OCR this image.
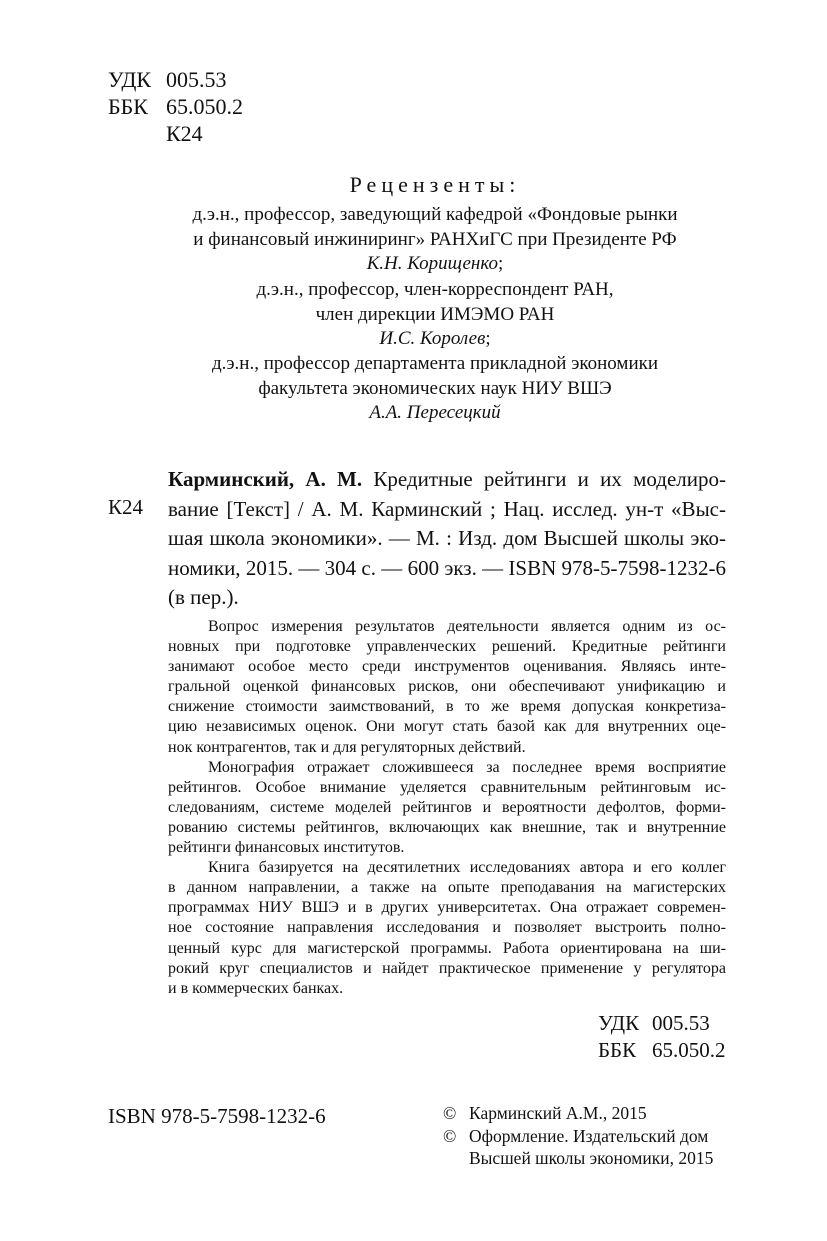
УДК 005.53
ББК 65.050.2
К24
Рецензенты:
д.э.н., профессор, заведующий кафедрой «Фондовые рынки
и финансовый инжиниринг» РАНХиГС при Президенте РФ
К.Н. Корищенко;
д.э.н., профессор, член-корреспондент РАН,
член дирекции ИМЭМО РАН
И.С. Королев;
д.э.н., профессор департамента прикладной экономики
факультета экономических наук НИУ ВШЭ
А.А. Пересецкий
К24
Карминский, А. М. Кредитные рейтинги и их моделиро-
вание [Текст] / А. М. Карминский ; Нац. исслед. ун-т «Выс-
шая школа экономики». — М. : Изд. дом Высшей школы эко-
номики, 2015. — 304 с. — 600 экз. — ISBN 978-5-7598-1232-6
(в пер.).
Вопрос измерения результатов деятельности является одним из ос-
новных при подготовке управленческих решений. Кредитные рейтинги
занимают особое место среди инструментов оценивания. Являясь инте-
гральной оценкой финансовых рисков, они обеспечивают унификацию и
снижение стоимости заимствований, в то же время допуская конкретиза-
цию независимых оценок. Они могут стать базой как для внутренних оце-
нок контрагентов, так и для регуляторных действий.
Монография отражает сложившееся за последнее время восприятие
рейтингов. Особое внимание уделяется сравнительным рейтинговым ис-
следованиям, системе моделей рейтингов и вероятности дефолтов, форми-
рованию системы рейтингов, включающих как внешние, так и внутренние
рейтинги финансовых институтов.
Книга базируется на десятилетних исследованиях автора и его коллег
в данном направлении, а также на опыте преподавания на магистерских
программах НИУ ВШЭ и в других университетах. Она отражает современ-
ное состояние направления исследования и позволяет выстроить полно-
ценный курс для магистерской программы. Работа ориентирована на ши-
рокий круг специалистов и найдет практическое применение у регулятора
и в коммерческих банках.
УДК 005.53
ББК 65.050.2
ISBN 978-5-7598-1232-6	© Карминский А.М., 2015
© Оформление. Издательский дом
Высшей школы экономики, 2015
